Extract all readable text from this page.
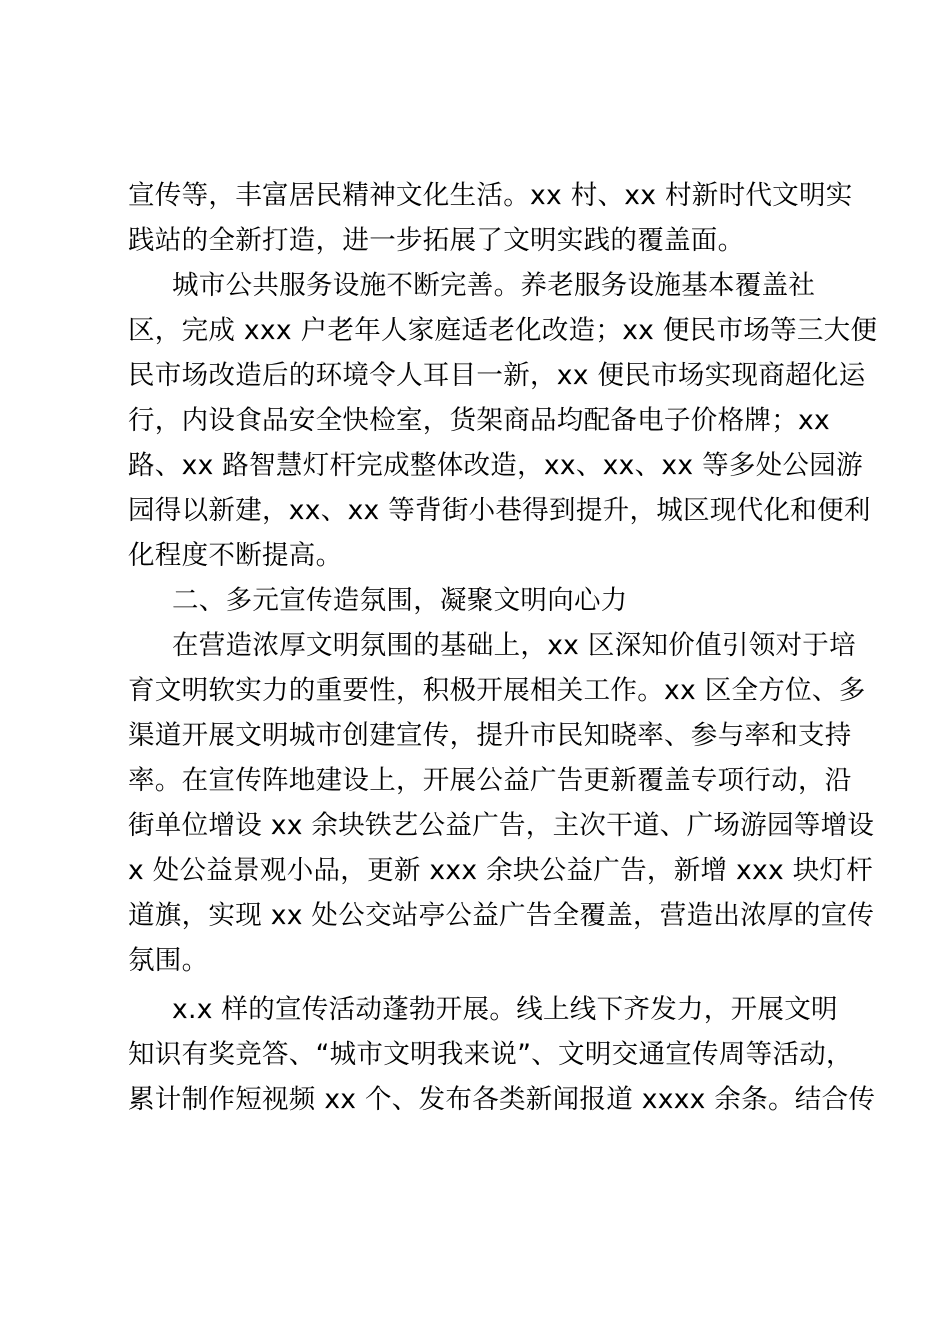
宣传等，丰富居民精神文化生活。xx 村、xx 村新时代文明实
践站的全新打造，进一步拓展了文明实践的覆盖面。
城市公共服务设施不断完善。养老服务设施基本覆盖社
区，完成 xxx 户老年人家庭适老化改造；xx 便民市场等三大便
民市场改造后的环境令人耳目一新，xx 便民市场实现商超化运
行，内设食品安全快检室，货架商品均配备电子价格牌；xx
路、xx 路智慧灯杆完成整体改造，xx、xx、xx 等多处公园游
园得以新建，xx、xx 等背街小巷得到提升，城区现代化和便利
化程度不断提高。
二、多元宣传造氛围，凝聚文明向心力
在营造浓厚文明氛围的基础上，xx 区深知价值引领对于培
育文明软实力的重要性，积极开展相关工作。xx 区全方位、多
渠道开展文明城市创建宣传，提升市民知晓率、参与率和支持
率。在宣传阵地建设上，开展公益广告更新覆盖专项行动，沿
街单位增设 xx 余块铁艺公益广告，主次干道、广场游园等增设
x 处公益景观小品，更新 xxx 余块公益广告，新增 xxx 块灯杆
道旗，实现 xx 处公交站亭公益广告全覆盖，营造出浓厚的宣传
氛围。
x.x 样的宣传活动蓬勃开展。线上线下齐发力，开展文明
知识有奖竞答、“城市文明我来说”、文明交通宣传周等活动，
累计制作短视频 xx 个、发布各类新闻报道 xxxx 余条。结合传
